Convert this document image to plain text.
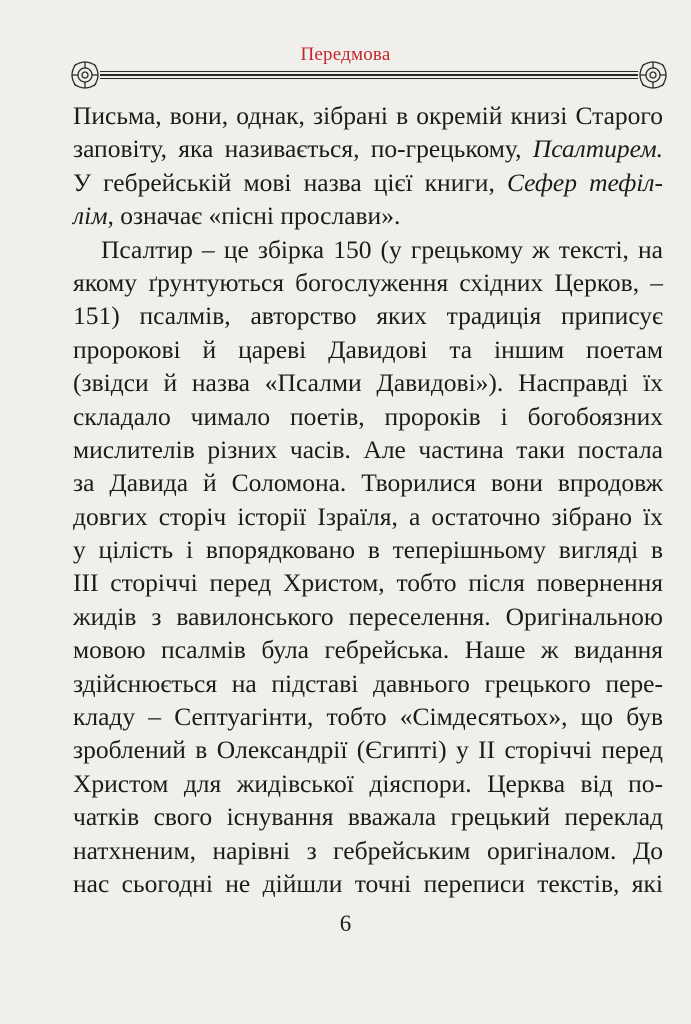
Передмова
Письма, вони, однак, зібрані в окремій книзі Старого
заповіту, яка називається, по-грецькому, Псалтирем.
У гебрейській мові назва цієї книги, Сефер тефіл-
лім, означає «пісні прослави».
Псалтир – це збірка 150 (у грецькому ж тексті, на
якому ґрунтуються богослуження східних Церков, –
151) псалмів, авторство яких традиція приписує
пророкові й цареві Давидові та іншим поетам
(звідси й назва «Псалми Давидові»). Насправді їх
складало чимало поетів, пророків і богобоязних
мислителів різних часів. Але частина таки постала
за Давида й Соломона. Творилися вони впродовж
довгих сторіч історії Ізраїля, а остаточно зібрано їх
у цілість і впорядковано в теперішньому вигляді в
III сторіччі перед Христом, тобто після повернення
жидів з вавилонського переселення. Оригінальною
мовою псалмів була гебрейська. Наше ж видання
здійснюється на підставі давнього грецького пере-
кладу – Септуагінти, тобто «Сімдесятьох», що був
зроблений в Олександрії (Єгипті) у II сторіччі перед
Христом для жидівської діяспори. Церква від по-
чатків свого існування вважала грецький переклад
натхненим, нарівні з гебрейським оригіналом. До
нас сьогодні не дійшли точні переписи текстів, які
6
